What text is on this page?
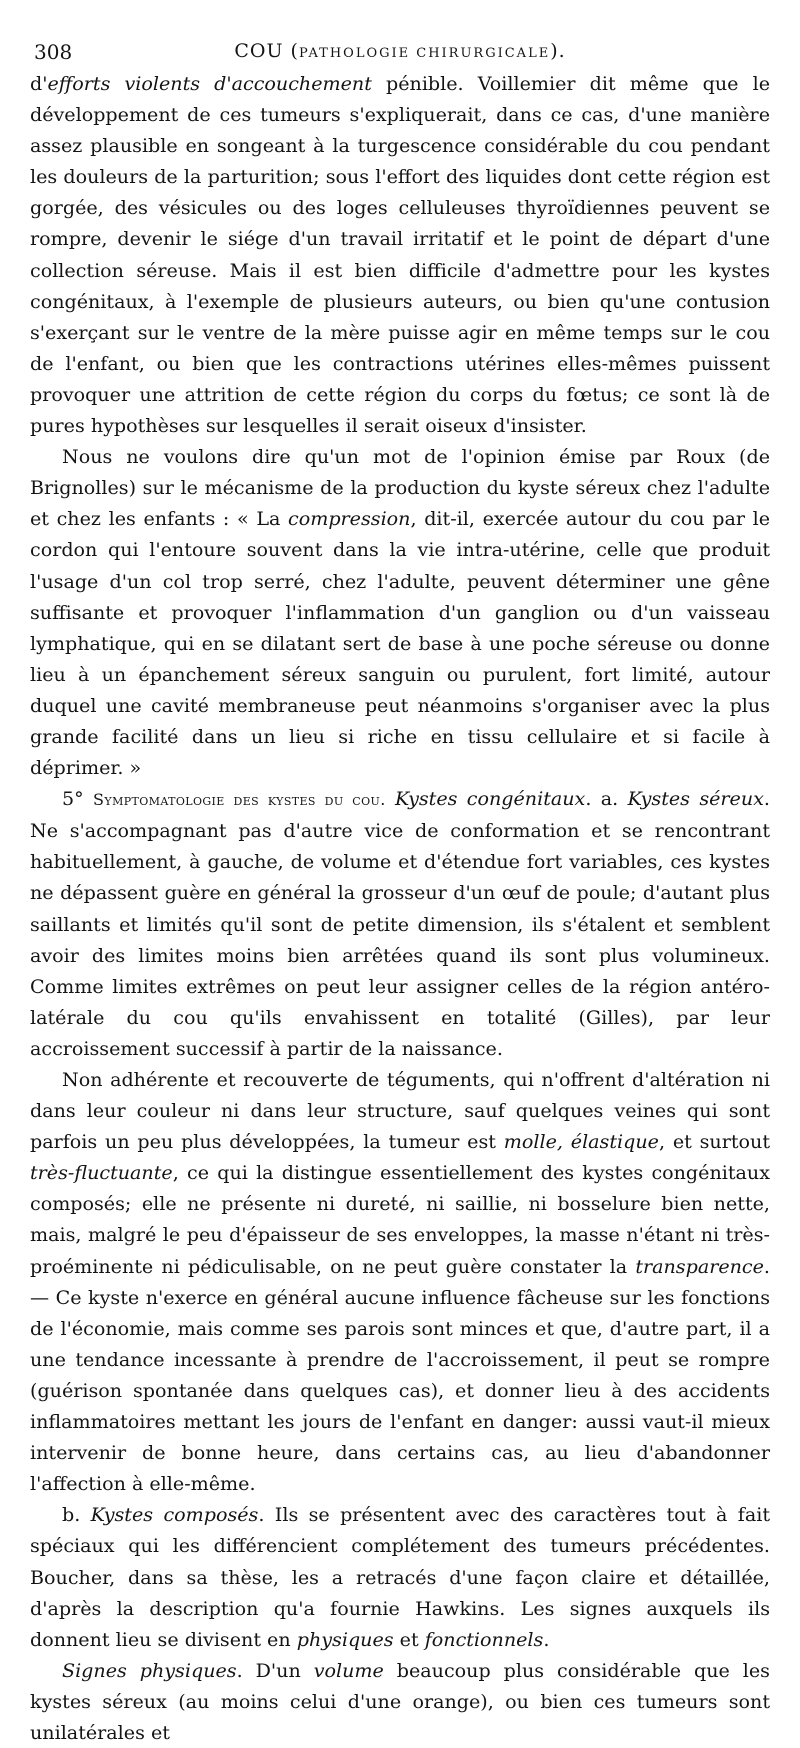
308	COU (PATHOLOGIE CHIRURGICALE).

d'efforts violents d'accouchement pénible. Voillemier dit même que le développement de ces tumeurs s'expliquerait, dans ce cas, d'une manière assez plausible en songeant à la turgescence considérable du cou pendant les douleurs de la parturition; sous l'effort des liquides dont cette région est gorgée, des vésicules ou des loges celluleuses thyroïdiennes peuvent se rompre, devenir le siége d'un travail irritatif et le point de départ d'une collection séreuse. Mais il est bien difficile d'admettre pour les kystes congénitaux, à l'exemple de plusieurs auteurs, ou bien qu'une contusion s'exerçant sur le ventre de la mère puisse agir en même temps sur le cou de l'enfant, ou bien que les contractions utérines elles-mêmes puissent provoquer une attrition de cette région du corps du fœtus; ce sont là de pures hypothèses sur lesquelles il serait oiseux d'insister.

Nous ne voulons dire qu'un mot de l'opinion émise par Roux (de Brignolles) sur le mécanisme de la production du kyste séreux chez l'adulte et chez les enfants : « La compression, dit-il, exercée autour du cou par le cordon qui l'entoure souvent dans la vie intra-utérine, celle que produit l'usage d'un col trop serré, chez l'adulte, peuvent déterminer une gêne suffisante et provoquer l'inflammation d'un ganglion ou d'un vaisseau lymphatique, qui en se dilatant sert de base à une poche séreuse ou donne lieu à un épanchement séreux sanguin ou purulent, fort limité, autour duquel une cavité membraneuse peut néanmoins s'organiser avec la plus grande facilité dans un lieu si riche en tissu cellulaire et si facile à déprimer. »

5° Symptomatologie des kystes du cou. Kystes congénitaux. a. Kystes séreux. Ne s'accompagnant pas d'autre vice de conformation et se rencontrant habituellement, à gauche, de volume et d'étendue fort variables, ces kystes ne dépassent guère en général la grosseur d'un œuf de poule; d'autant plus saillants et limités qu'il sont de petite dimension, ils s'étalent et semblent avoir des limites moins bien arrêtées quand ils sont plus volumineux. Comme limites extrêmes on peut leur assigner celles de la région antéro-latérale du cou qu'ils envahissent en totalité (Gilles), par leur accroissement successif à partir de la naissance.

Non adhérente et recouverte de téguments, qui n'offrent d'altération ni dans leur couleur ni dans leur structure, sauf quelques veines qui sont parfois un peu plus développées, la tumeur est molle, élastique, et surtout très-fluctuante, ce qui la distingue essentiellement des kystes congénitaux composés; elle ne présente ni dureté, ni saillie, ni bosselure bien nette, mais, malgré le peu d'épaisseur de ses enveloppes, la masse n'étant ni très-proéminente ni pédiculisable, on ne peut guère constater la transparence. — Ce kyste n'exerce en général aucune influence fâcheuse sur les fonctions de l'économie, mais comme ses parois sont minces et que, d'autre part, il a une tendance incessante à prendre de l'accroissement, il peut se rompre (guérison spontanée dans quelques cas), et donner lieu à des accidents inflammatoires mettant les jours de l'enfant en danger: aussi vaut-il mieux intervenir de bonne heure, dans certains cas, au lieu d'abandonner l'affection à elle-même.

b. Kystes composés. Ils se présentent avec des caractères tout à fait spéciaux qui les différencient complétement des tumeurs précédentes. Boucher, dans sa thèse, les a retracés d'une façon claire et détaillée, d'après la description qu'a fournie Hawkins. Les signes auxquels ils donnent lieu se divisent en physiques et fonctionnels.

Signes physiques. D'un volume beaucoup plus considérable que les kystes séreux (au moins celui d'une orange), ou bien ces tumeurs sont unilatérales et
